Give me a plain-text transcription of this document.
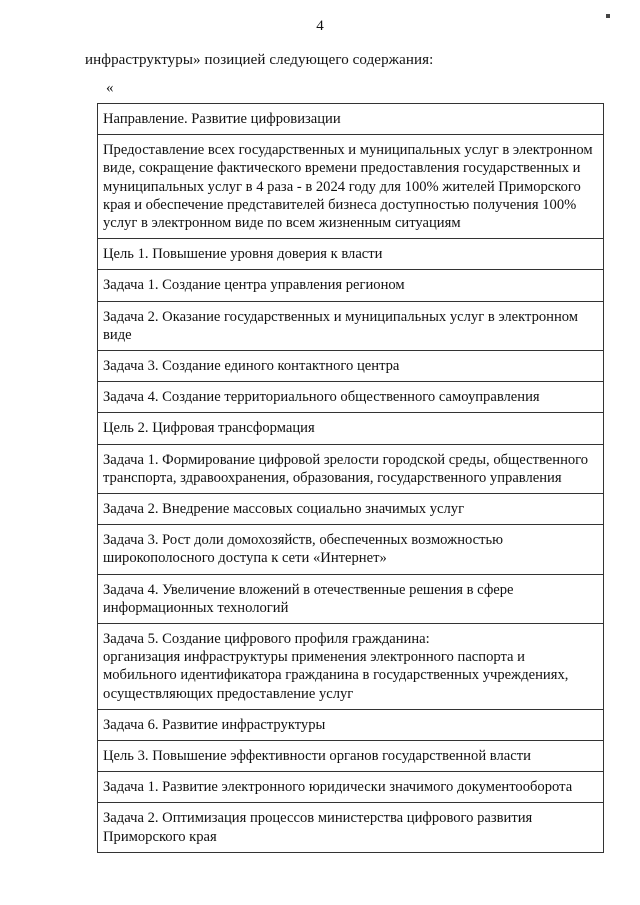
4
инфраструктуры» позицией следующего содержания:
«
Направление. Развитие цифровизации
Предоставление всех государственных и муниципальных услуг в электронном виде, сокращение фактического времени предоставления государственных и муниципальных услуг в 4 раза - в 2024 году для 100% жителей Приморского края и обеспечение представителей бизнеса доступностью получения 100% услуг в электронном виде по всем жизненным ситуациям
Цель 1. Повышение уровня доверия к власти
Задача 1. Создание центра управления регионом
Задача 2. Оказание государственных и муниципальных услуг в электронном виде
Задача 3. Создание единого контактного центра
Задача 4. Создание территориального общественного самоуправления
Цель 2. Цифровая трансформация
Задача 1. Формирование цифровой зрелости городской среды, общественного транспорта, здравоохранения, образования, государственного управления
Задача 2. Внедрение массовых социально значимых услуг
Задача 3. Рост доли домохозяйств, обеспеченных возможностью широкополосного доступа к сети «Интернет»
Задача 4. Увеличение вложений в отечественные решения в сфере информационных технологий

Задача 5. Создание цифрового профиля гражданина:
организация инфраструктуры применения электронного паспорта и мобильного идентификатора гражданина в государственных учреждениях, осуществляющих предоставление услуг

Задача 6. Развитие инфраструктуры
Цель 3. Повышение эффективности органов государственной власти
Задача 1. Развитие электронного юридически значимого документооборота
Задача 2. Оптимизация процессов министерства цифрового развития Приморского края
